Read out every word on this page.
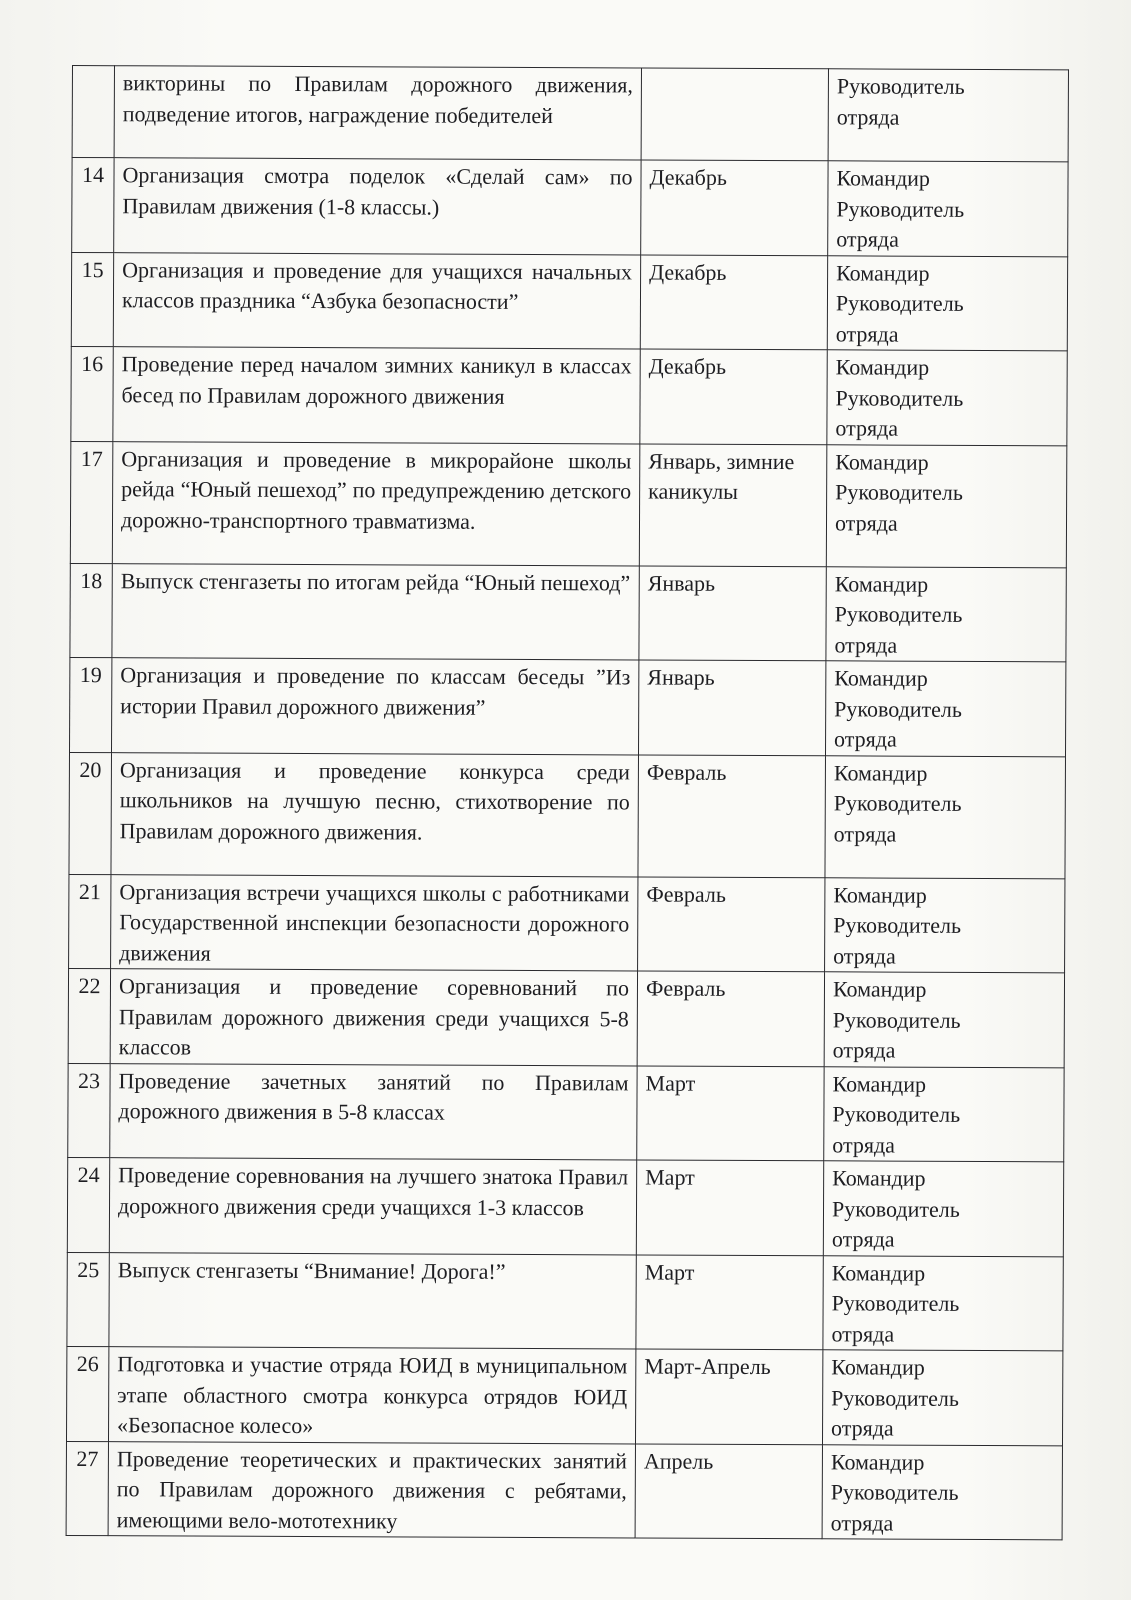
	викторины по Правилам дорожного движения, подведение итогов, награждение победителей		Руководитель
отряда

14	Организация смотра поделок «Сделай сам» по Правилам движения (1-8 классы.)	Декабрь	Командир
Руководитель
отряда

15	Организация и проведение для учащихся начальных классов праздника “Азбука безопасности”	Декабрь	Командир
Руководитель
отряда

16	Проведение перед началом зимних каникул в классах бесед по Правилам дорожного движения	Декабрь	Командир
Руководитель
отряда

17	Организация и проведение в микрорайоне школы рейда “Юный пешеход” по предупреждению детского дорожно-транспортного травматизма.	Январь, зимние каникулы	Командир
Руководитель
отряда

18	Выпуск стенгазеты по итогам рейда “Юный пешеход”	Январь	Командир
Руководитель
отряда

19	Организация и проведение по классам беседы ”Из истории Правил дорожного движения”	Январь	Командир
Руководитель
отряда

20	Организация и проведение конкурса среди школьников на лучшую песню, стихотворение по Правилам дорожного движения.	Февраль	Командир
Руководитель
отряда

21	Организация встречи учащихся школы с работниками Государственной инспекции безопасности дорожного движения	Февраль	Командир
Руководитель
отряда

22	Организация и проведение соревнований по Правилам дорожного движения среди учащихся 5-8 классов	Февраль	Командир
Руководитель
отряда

23	Проведение зачетных занятий по Правилам дорожного движения в 5-8 классах	Март	Командир
Руководитель
отряда

24	Проведение соревнования на лучшего знатока Правил дорожного движения среди учащихся 1-3 классов	Март	Командир
Руководитель
отряда

25	Выпуск стенгазеты “Внимание! Дорога!”	Март	Командир
Руководитель
отряда

26	Подготовка и участие отряда ЮИД в муниципальном этапе областного смотра конкурса отрядов ЮИД «Безопасное колесо»	Март-Апрель	Командир
Руководитель
отряда

27	Проведение теоретических и практических занятий по Правилам дорожного движения с ребятами, имеющими вело-мототехнику	Апрель	Командир
Руководитель
отряда
